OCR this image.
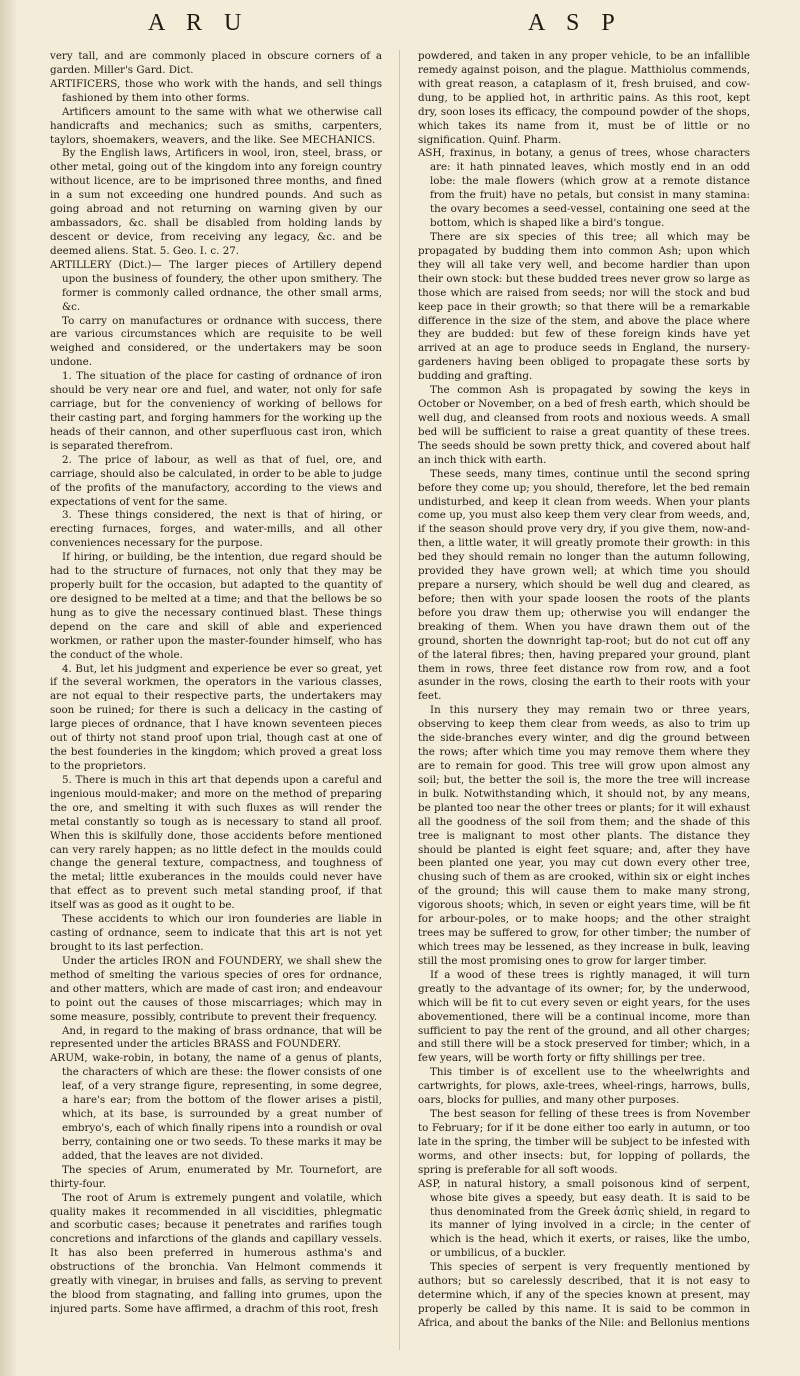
A R U	A S P

very tall, and are commonly placed in obscure corners of a garden. Miller's Gard. Dict.

ARTIFICERS, those who work with the hands, and sell things fashioned by them into other forms.

Artificers amount to the same with what we otherwise call handicrafts and mechanics; such as smiths, carpenters, taylors, shoemakers, weavers, and the like. See MECHANICS.

By the English laws, Artificers in wool, iron, steel, brass, or other metal, going out of the kingdom into any foreign country without licence, are to be imprisoned three months, and fined in a sum not exceeding one hundred pounds. And such as going abroad and not returning on warning given by our ambassadors, &c. shall be disabled from holding lands by descent or device, from receiving any legacy, &c. and be deemed aliens. Stat. 5. Geo. I. c. 27.

ARTILLERY (Dict.)— The larger pieces of Artillery depend upon the business of foundery, the other upon smithery. The former is commonly called ordnance, the other small arms, &c.

To carry on manufactures or ordnance with success, there are various circumstances which are requisite to be well weighed and considered, or the undertakers may be soon undone.

1. The situation of the place for casting of ordnance of iron should be very near ore and fuel, and water, not only for safe carriage, but for the conveniency of working of bellows for their casting part, and forging hammers for the working up the heads of their cannon, and other superfluous cast iron, which is separated therefrom.

2. The price of labour, as well as that of fuel, ore, and carriage, should also be calculated, in order to be able to judge of the profits of the manufactory, according to the views and expectations of vent for the same.

3. These things considered, the next is that of hiring, or erecting furnaces, forges, and water-mills, and all other conveniences necessary for the purpose.

If hiring, or building, be the intention, due regard should be had to the structure of furnaces, not only that they may be properly built for the occasion, but adapted to the quantity of ore designed to be melted at a time; and that the bellows be so hung as to give the necessary continued blast. These things depend on the care and skill of able and experienced workmen, or rather upon the master-founder himself, who has the conduct of the whole.

4. But, let his judgment and experience be ever so great, yet if the several workmen, the operators in the various classes, are not equal to their respective parts, the undertakers may soon be ruined; for there is such a delicacy in the casting of large pieces of ordnance, that I have known seventeen pieces out of thirty not stand proof upon trial, though cast at one of the best founderies in the kingdom; which proved a great loss to the proprietors.

5. There is much in this art that depends upon a careful and ingenious mould-maker; and more on the method of preparing the ore, and smelting it with such fluxes as will render the metal constantly so tough as is necessary to stand all proof. When this is skilfully done, those accidents before mentioned can very rarely happen; as no little defect in the moulds could change the general texture, compactness, and toughness of the metal; little exuberances in the moulds could never have that effect as to prevent such metal standing proof, if that itself was as good as it ought to be.

These accidents to which our iron founderies are liable in casting of ordnance, seem to indicate that this art is not yet brought to its last perfection.

Under the articles IRON and FOUNDERY, we shall shew the method of smelting the various species of ores for ordnance, and other matters, which are made of cast iron; and endeavour to point out the causes of those miscarriages; which may in some measure, possibly, contribute to prevent their frequency.

And, in regard to the making of brass ordnance, that will be represented under the articles BRASS and FOUNDERY.

ARUM, wake-robin, in botany, the name of a genus of plants, the characters of which are these: the flower consists of one leaf, of a very strange figure, representing, in some degree, a hare's ear; from the bottom of the flower arises a pistil, which, at its base, is surrounded by a great number of embryo's, each of which finally ripens into a roundish or oval berry, containing one or two seeds. To these marks it may be added, that the leaves are not divided.

The species of Arum, enumerated by Mr. Tournefort, are thirty-four.

The root of Arum is extremely pungent and volatile, which quality makes it recommended in all viscidities, phlegmatic and scorbutic cases; because it penetrates and rarifies tough concretions and infarctions of the glands and capillary vessels. It has also been preferred in humerous asthma's and obstructions of the bronchia. Van Helmont commends it greatly with vinegar, in bruises and falls, as serving to prevent the blood from stagnating, and falling into grumes, upon the injured parts. Some have affirmed, a drachm of this root, fresh

powdered, and taken in any proper vehicle, to be an infallible remedy against poison, and the plague. Matthiolus commends, with great reason, a cataplasm of it, fresh bruised, and cow-dung, to be applied hot, in arthritic pains. As this root, kept dry, soon loses its efficacy, the compound powder of the shops, which takes its name from it, must be of little or no signification. Quinf. Pharm.

ASH, fraxinus, in botany, a genus of trees, whose characters are: it hath pinnated leaves, which mostly end in an odd lobe: the male flowers (which grow at a remote distance from the fruit) have no petals, but consist in many stamina: the ovary becomes a seed-vessel, containing one seed at the bottom, which is shaped like a bird's tongue.

There are six species of this tree; all which may be propagated by budding them into common Ash; upon which they will all take very well, and become hardier than upon their own stock: but these budded trees never grow so large as those which are raised from seeds; nor will the stock and bud keep pace in their growth; so that there will be a remarkable difference in the size of the stem, and above the place where they are budded: but few of these foreign kinds have yet arrived at an age to produce seeds in England, the nursery-gardeners having been obliged to propagate these sorts by budding and grafting.

The common Ash is propagated by sowing the keys in October or November, on a bed of fresh earth, which should be well dug, and cleansed from roots and noxious weeds. A small bed will be sufficient to raise a great quantity of these trees. The seeds should be sown pretty thick, and covered about half an inch thick with earth.

These seeds, many times, continue until the second spring before they come up; you should, therefore, let the bed remain undisturbed, and keep it clean from weeds. When your plants come up, you must also keep them very clear from weeds, and, if the season should prove very dry, if you give them, now-and-then, a little water, it will greatly promote their growth: in this bed they should remain no longer than the autumn following, provided they have grown well; at which time you should prepare a nursery, which should be well dug and cleared, as before; then with your spade loosen the roots of the plants before you draw them up; otherwise you will endanger the breaking of them. When you have drawn them out of the ground, shorten the downright tap-root; but do not cut off any of the lateral fibres; then, having prepared your ground, plant them in rows, three feet distance row from row, and a foot asunder in the rows, closing the earth to their roots with your feet.

In this nursery they may remain two or three years, observing to keep them clear from weeds, as also to trim up the side-branches every winter, and dig the ground between the rows; after which time you may remove them where they are to remain for good. This tree will grow upon almost any soil; but, the better the soil is, the more the tree will increase in bulk. Notwithstanding which, it should not, by any means, be planted too near the other trees or plants; for it will exhaust all the goodness of the soil from them; and the shade of this tree is malignant to most other plants. The distance they should be planted is eight feet square; and, after they have been planted one year, you may cut down every other tree, chusing such of them as are crooked, within six or eight inches of the ground; this will cause them to make many strong, vigorous shoots; which, in seven or eight years time, will be fit for arbour-poles, or to make hoops; and the other straight trees may be suffered to grow, for other timber; the number of which trees may be lessened, as they increase in bulk, leaving still the most promising ones to grow for larger timber.

If a wood of these trees is rightly managed, it will turn greatly to the advantage of its owner; for, by the underwood, which will be fit to cut every seven or eight years, for the uses abovementioned, there will be a continual income, more than sufficient to pay the rent of the ground, and all other charges; and still there will be a stock preserved for timber; which, in a few years, will be worth forty or fifty shillings per tree.

This timber is of excellent use to the wheelwrights and cartwrights, for plows, axle-trees, wheel-rings, harrows, bulls, oars, blocks for pullies, and many other purposes.

The best season for felling of these trees is from November to February; for if it be done either too early in autumn, or too late in the spring, the timber will be subject to be infested with worms, and other insects: but, for lopping of pollards, the spring is preferable for all soft woods.

ASP, in natural history, a small poisonous kind of serpent, whose bite gives a speedy, but easy death. It is said to be thus denominated from the Greek ἀσπὶς shield, in regard to its manner of lying involved in a circle; in the center of which is the head, which it exerts, or raises, like the umbo, or umbilicus, of a buckler.

This species of serpent is very frequently mentioned by authors; but so carelessly described, that it is not easy to determine which, if any of the species known at present, may properly be called by this name. It is said to be common in Africa, and about the banks of the Nile: and Bellonius mentions
